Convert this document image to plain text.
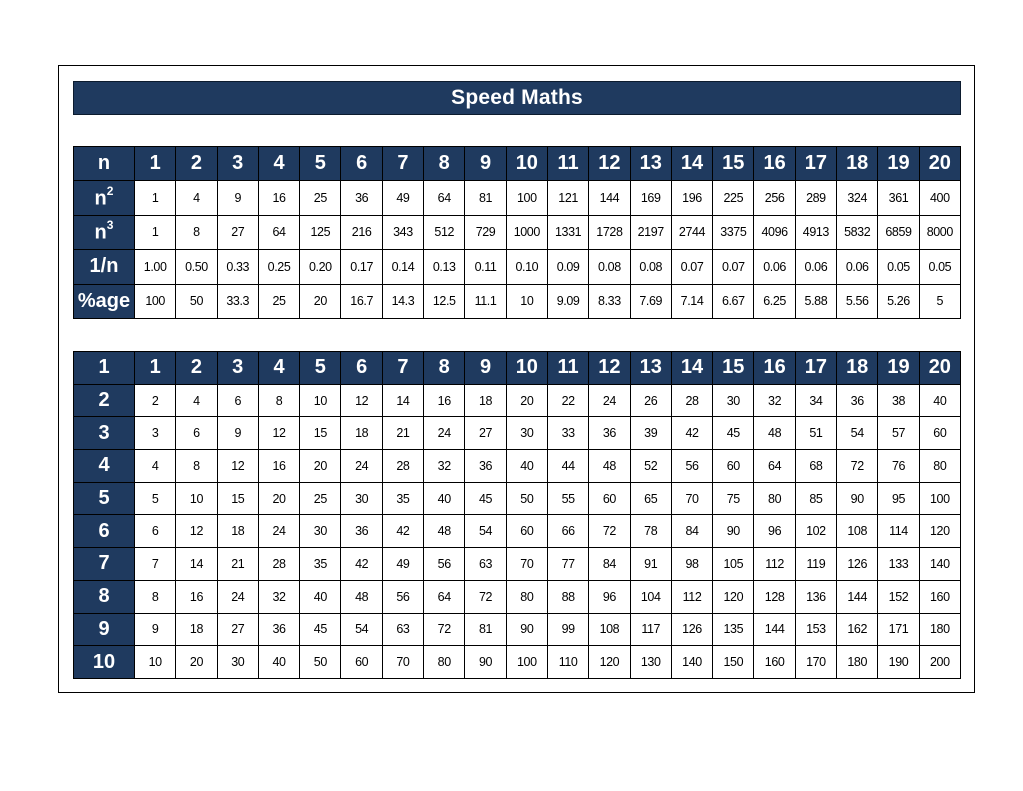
Speed Maths
n	1	2	3	4	5	6	7	8	9	10	11	12	13	14	15	16	17	18	19	20
$n^2$	1	4	9	16	25	36	49	64	81	100	121	144	169	196	225	256	289	324	361	400
$n^3$	1	8	27	64	125	216	343	512	729	1000	1331	1728	2197	2744	3375	4096	4913	5832	6859	8000
1/n	1.00	0.50	0.33	0.25	0.20	0.17	0.14	0.13	0.11	0.10	0.09	0.08	0.08	0.07	0.07	0.06	0.06	0.06	0.05	0.05
%age	100	50	33.3	25	20	16.7	14.3	12.5	11.1	10	9.09	8.33	7.69	7.14	6.67	6.25	5.88	5.56	5.26	5
1	1	2	3	4	5	6	7	8	9	10	11	12	13	14	15	16	17	18	19	20
2	2	4	6	8	10	12	14	16	18	20	22	24	26	28	30	32	34	36	38	40
3	3	6	9	12	15	18	21	24	27	30	33	36	39	42	45	48	51	54	57	60
4	4	8	12	16	20	24	28	32	36	40	44	48	52	56	60	64	68	72	76	80
5	5	10	15	20	25	30	35	40	45	50	55	60	65	70	75	80	85	90	95	100
6	6	12	18	24	30	36	42	48	54	60	66	72	78	84	90	96	102	108	114	120
7	7	14	21	28	35	42	49	56	63	70	77	84	91	98	105	112	119	126	133	140
8	8	16	24	32	40	48	56	64	72	80	88	96	104	112	120	128	136	144	152	160
9	9	18	27	36	45	54	63	72	81	90	99	108	117	126	135	144	153	162	171	180
10	10	20	30	40	50	60	70	80	90	100	110	120	130	140	150	160	170	180	190	200
